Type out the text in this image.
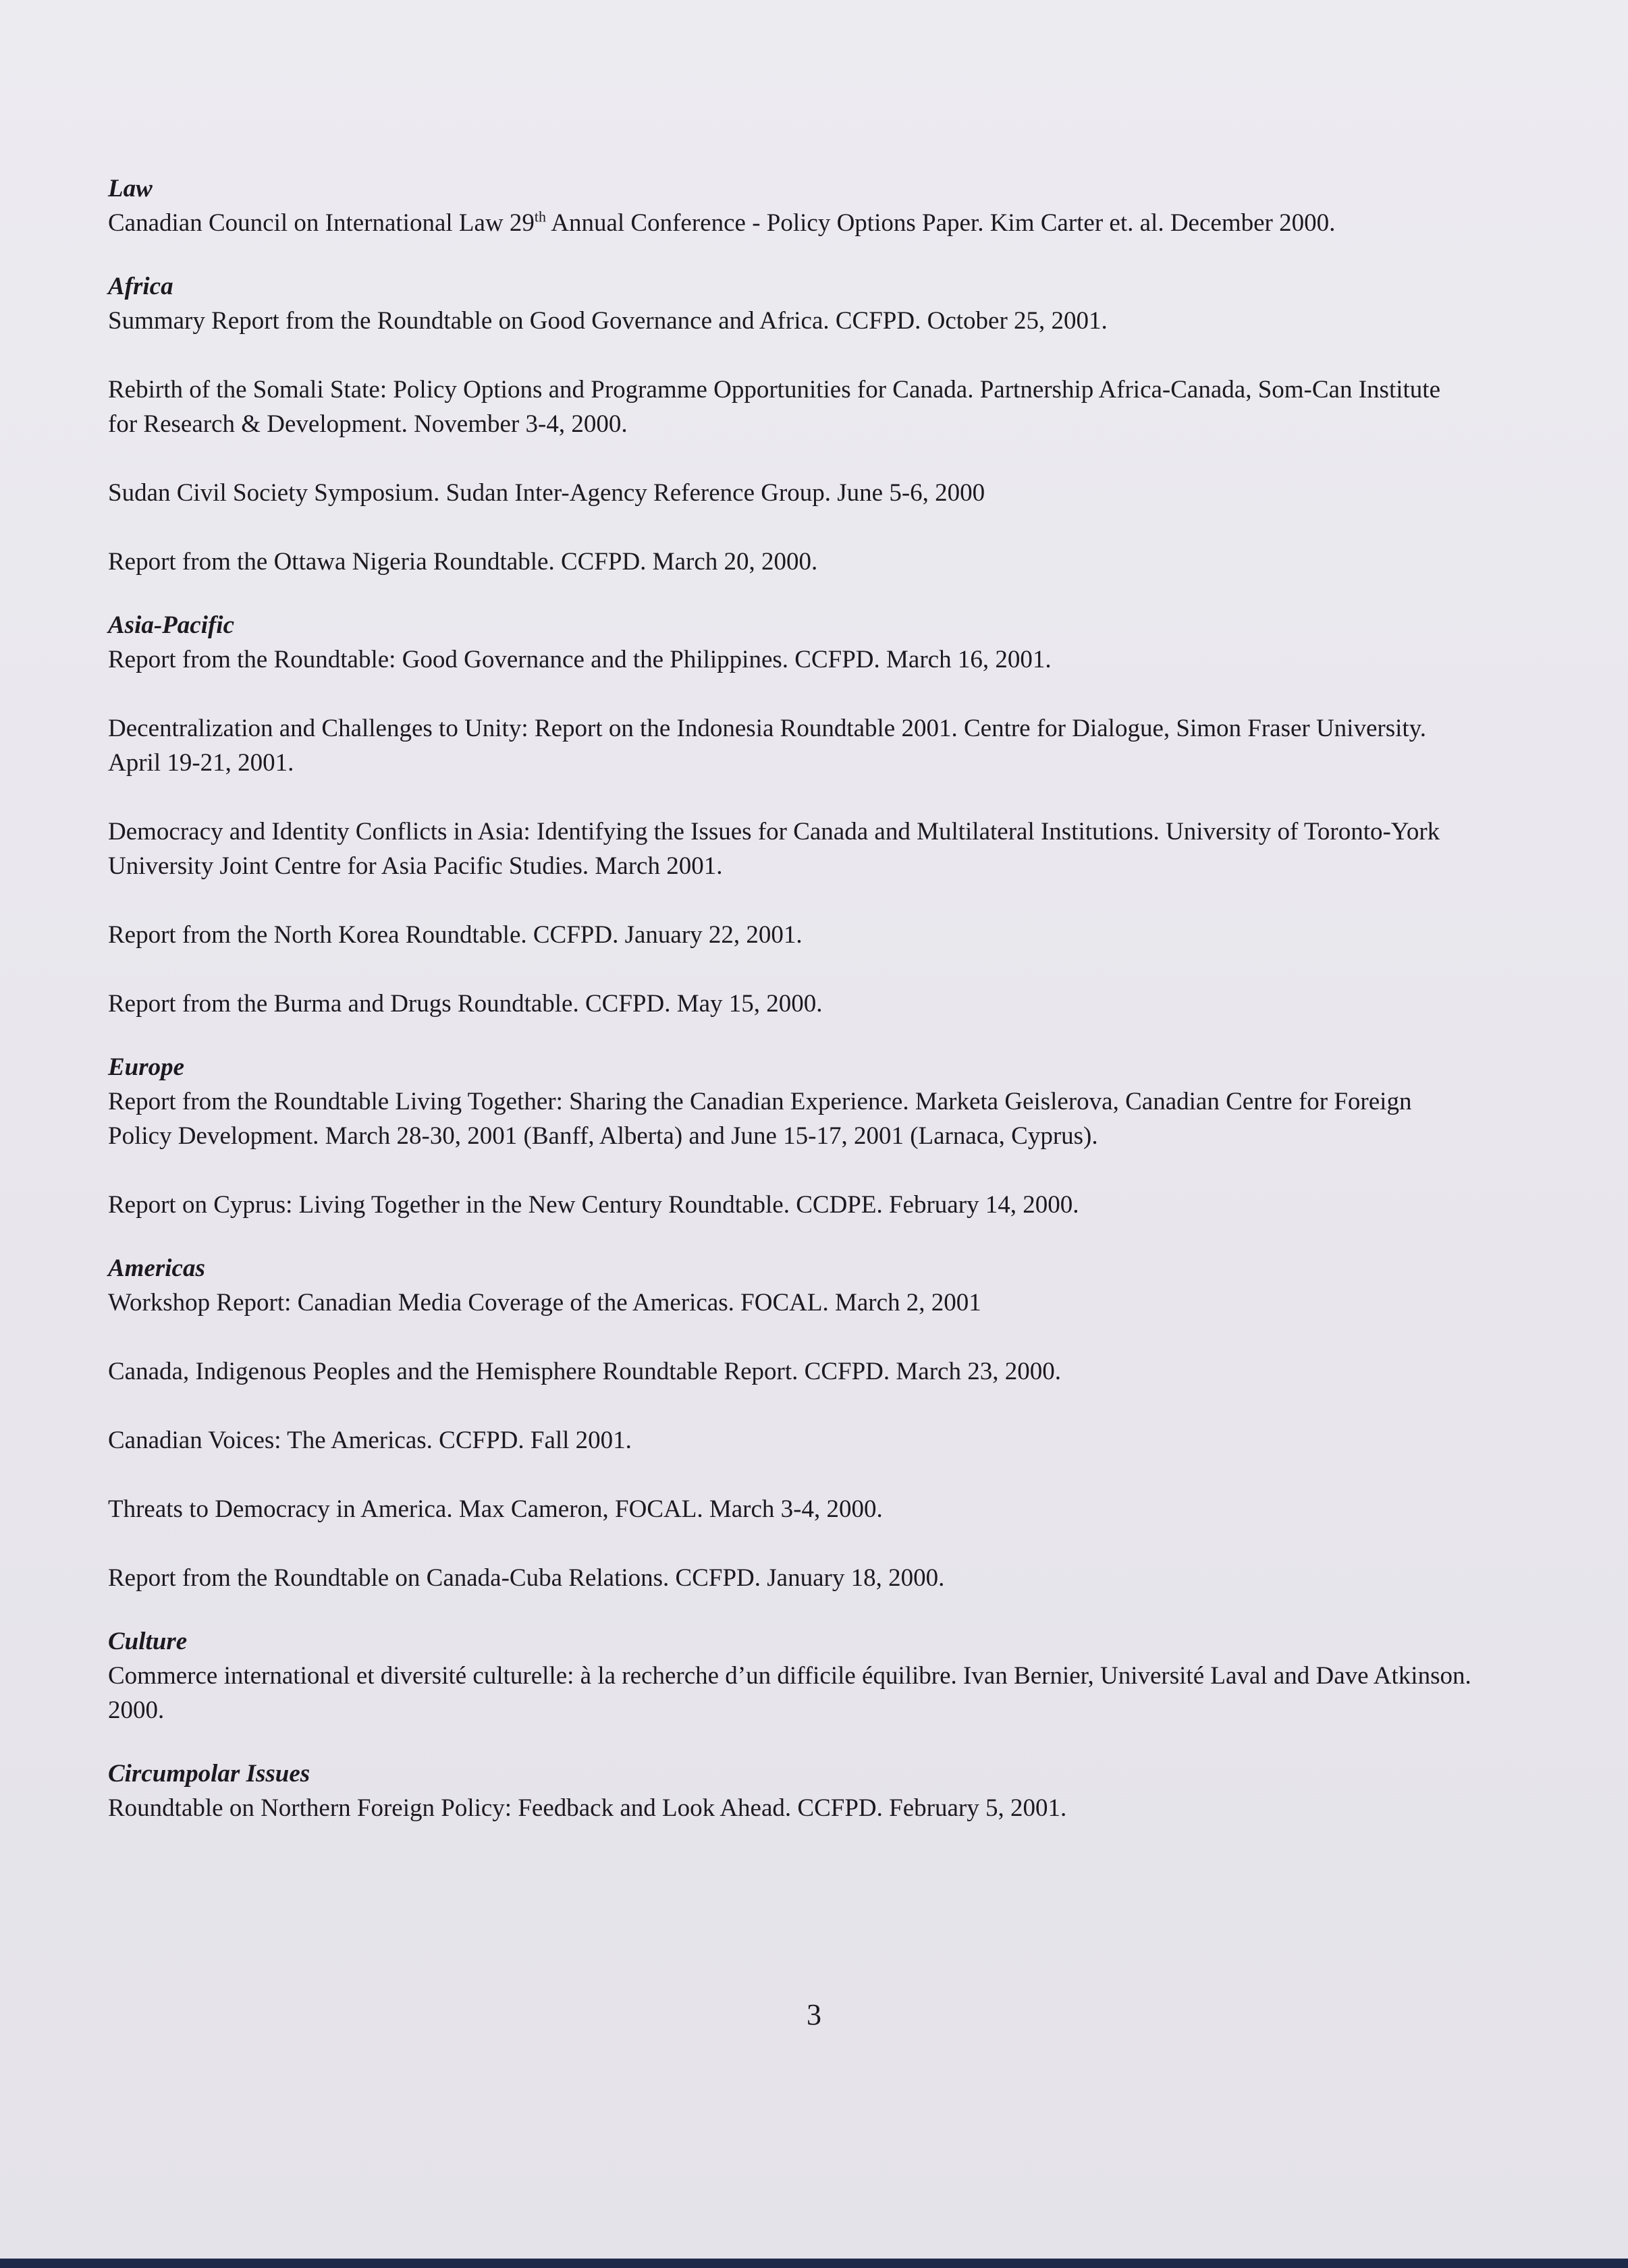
Law

Canadian Council on International Law 29th Annual Conference - Policy Options Paper. Kim Carter et. al. December 2000.

Africa

Summary Report from the Roundtable on Good Governance and Africa. CCFPD. October 25, 2001.

Rebirth of the Somali State: Policy Options and Programme Opportunities for Canada. Partnership Africa-Canada, Som-Can Institute for Research & Development. November 3-4, 2000.

Sudan Civil Society Symposium. Sudan Inter-Agency Reference Group. June 5-6, 2000

Report from the Ottawa Nigeria Roundtable. CCFPD. March 20, 2000.

Asia-Pacific

Report from the Roundtable: Good Governance and the Philippines. CCFPD. March 16, 2001.

Decentralization and Challenges to Unity: Report on the Indonesia Roundtable 2001. Centre for Dialogue, Simon Fraser University. April 19-21, 2001.

Democracy and Identity Conflicts in Asia: Identifying the Issues for Canada and Multilateral Institutions. University of Toronto-York University Joint Centre for Asia Pacific Studies. March 2001.

Report from the North Korea Roundtable. CCFPD. January 22, 2001.

Report from the Burma and Drugs Roundtable. CCFPD. May 15, 2000.

Europe

Report from the Roundtable Living Together: Sharing the Canadian Experience. Marketa Geislerova, Canadian Centre for Foreign Policy Development. March 28-30, 2001 (Banff, Alberta) and June 15-17, 2001 (Larnaca, Cyprus).

Report on Cyprus: Living Together in the New Century Roundtable. CCDPE. February 14, 2000.

Americas

Workshop Report: Canadian Media Coverage of the Americas. FOCAL. March 2, 2001

Canada, Indigenous Peoples and the Hemisphere Roundtable Report. CCFPD. March 23, 2000.

Canadian Voices: The Americas. CCFPD. Fall 2001.

Threats to Democracy in America. Max Cameron, FOCAL. March 3-4, 2000.

Report from the Roundtable on Canada-Cuba Relations. CCFPD. January 18, 2000.

Culture

Commerce international et diversité culturelle: à la recherche d’un difficile équilibre. Ivan Bernier, Université Laval and Dave Atkinson. 2000.

Circumpolar Issues

Roundtable on Northern Foreign Policy: Feedback and Look Ahead. CCFPD. February 5, 2001.

3
